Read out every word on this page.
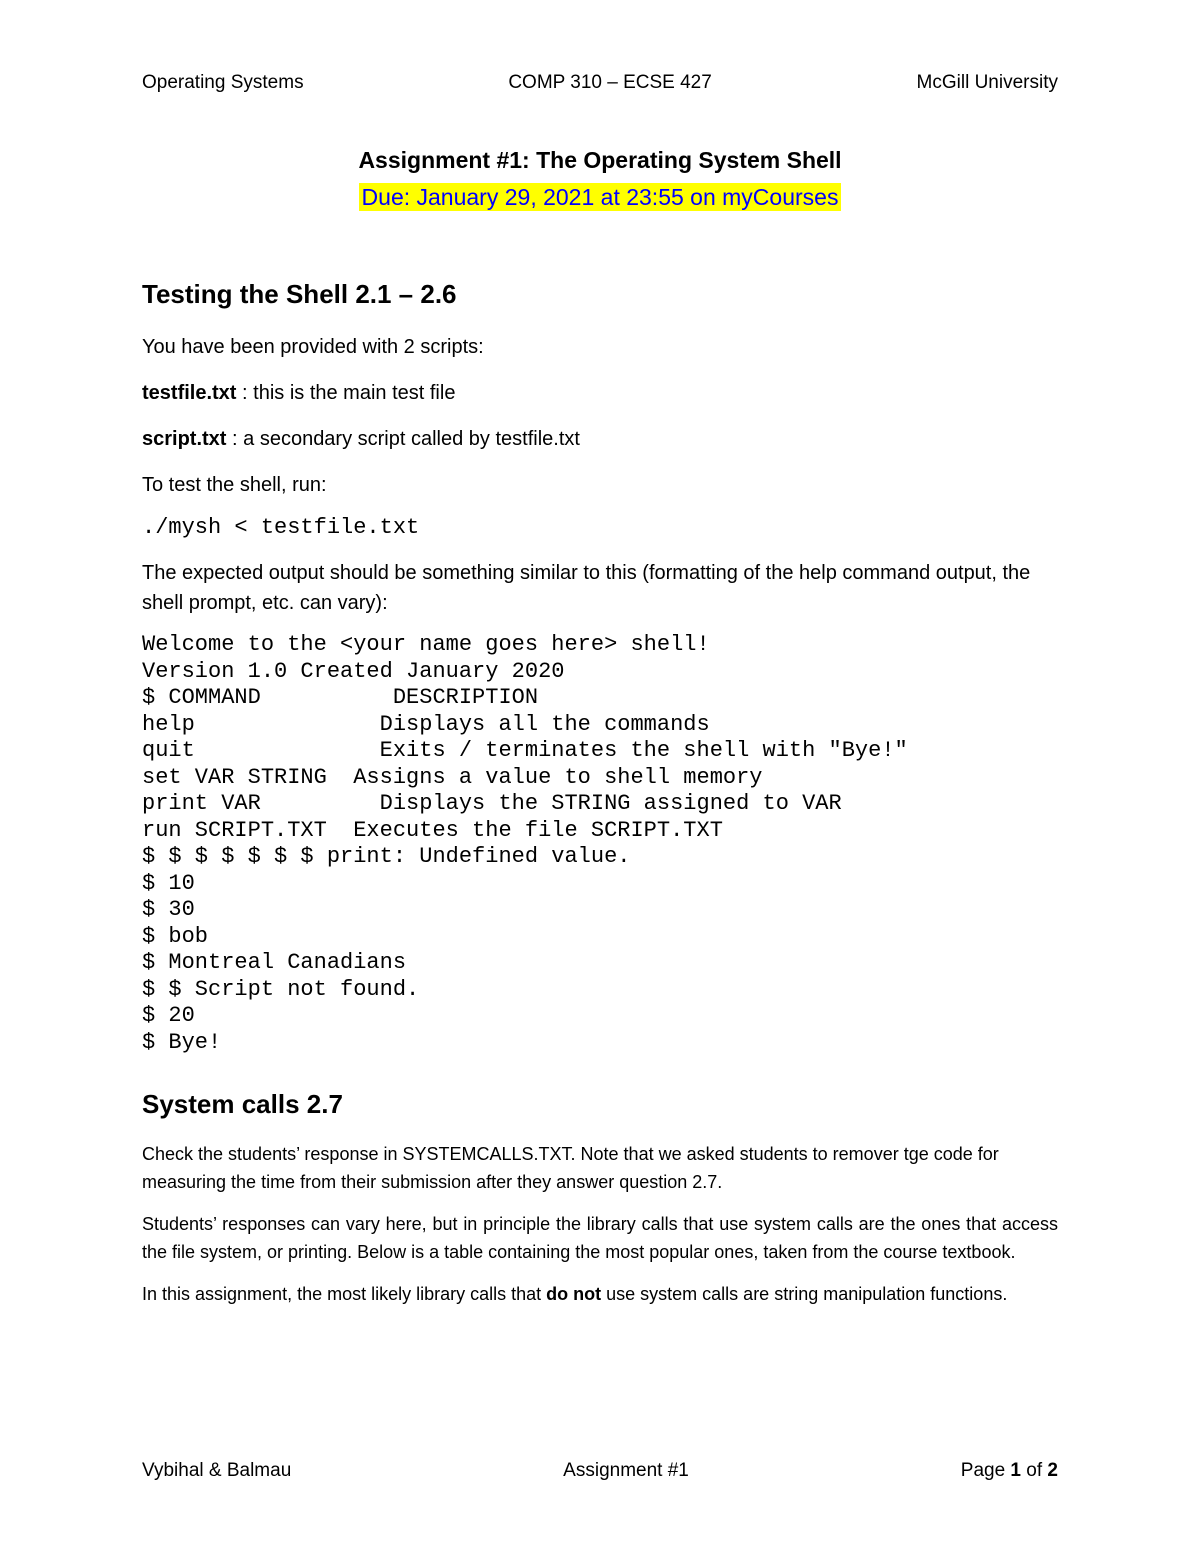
Operating Systems	COMP 310 – ECSE 427	McGill University
Assignment #1: The Operating System Shell
Due: January 29, 2021 at 23:55 on myCourses
Testing the Shell 2.1 – 2.6

You have been provided with 2 scripts:

testfile.txt : this is the main test file

script.txt : a secondary script called by testfile.txt

To test the shell, run:

./mysh < testfile.txt

The expected output should be something similar to this (formatting of the help command output, the shell prompt, etc. can vary):

Welcome to the <your name goes here> shell!
Version 1.0 Created January 2020
$ COMMAND          DESCRIPTION
help              Displays all the commands
quit              Exits / terminates the shell with "Bye!"
set VAR STRING  Assigns a value to shell memory
print VAR         Displays the STRING assigned to VAR
run SCRIPT.TXT  Executes the file SCRIPT.TXT
$ $ $ $ $ $ $ print: Undefined value.
$ 10
$ 30
$ bob
$ Montreal Canadians
$ $ Script not found.
$ 20
$ Bye!
System calls 2.7

Check the students’ response in SYSTEMCALLS.TXT. Note that we asked students to remover tge code for measuring the time from their submission after they answer question 2.7.

Students’ responses can vary here, but in principle the library calls that use system calls are the ones that access the file system, or printing. Below is a table containing the most popular ones, taken from the course textbook.

In this assignment, the most likely library calls that do not use system calls are string manipulation functions.

Vybihal & Balmau	Assignment #1	Page 1 of 2
